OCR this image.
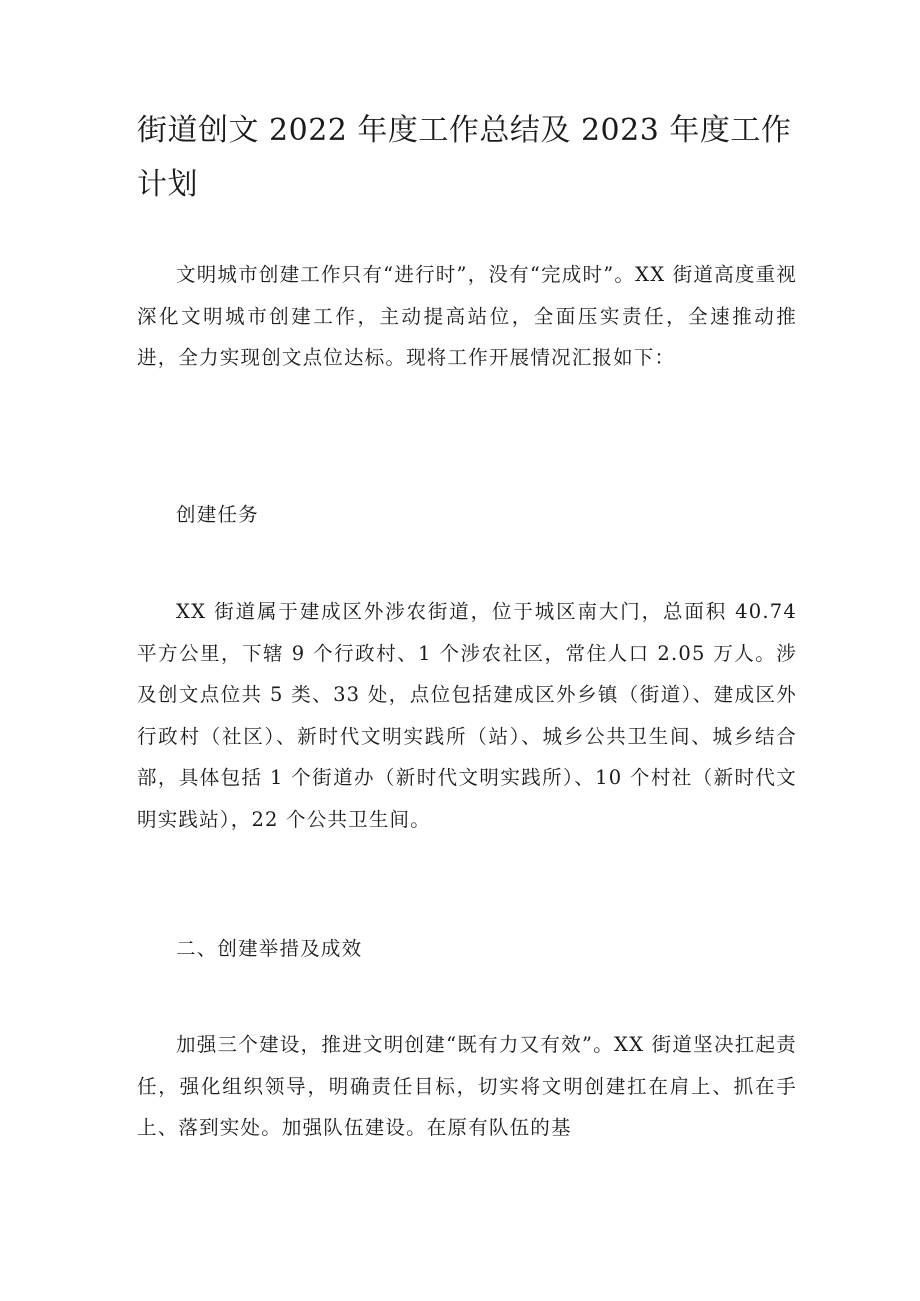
街道创文 2022 年度工作总结及 2023 年度工作计划

文明城市创建工作只有“进行时”，没有“完成时”。XX 街道高度重视深化文明城市创建工作，主动提高站位，全面压实责任，全速推动推进，全力实现创文点位达标。现将工作开展情况汇报如下：

创建任务

XX 街道属于建成区外涉农街道，位于城区南大门，总面积 40.74 平方公里，下辖 9 个行政村、1 个涉农社区，常住人口 2.05 万人。涉及创文点位共 5 类、33 处，点位包括建成区外乡镇（街道）、建成区外行政村（社区）、新时代文明实践所（站）、城乡公共卫生间、城乡结合部，具体包括 1 个街道办（新时代文明实践所）、10 个村社（新时代文明实践站），22 个公共卫生间。

二、创建举措及成效

加强三个建设，推进文明创建“既有力又有效”。XX 街道坚决扛起责任，强化组织领导，明确责任目标，切实将文明创建扛在肩上、抓在手上、落到实处。加强队伍建设。在原有队伍的基
